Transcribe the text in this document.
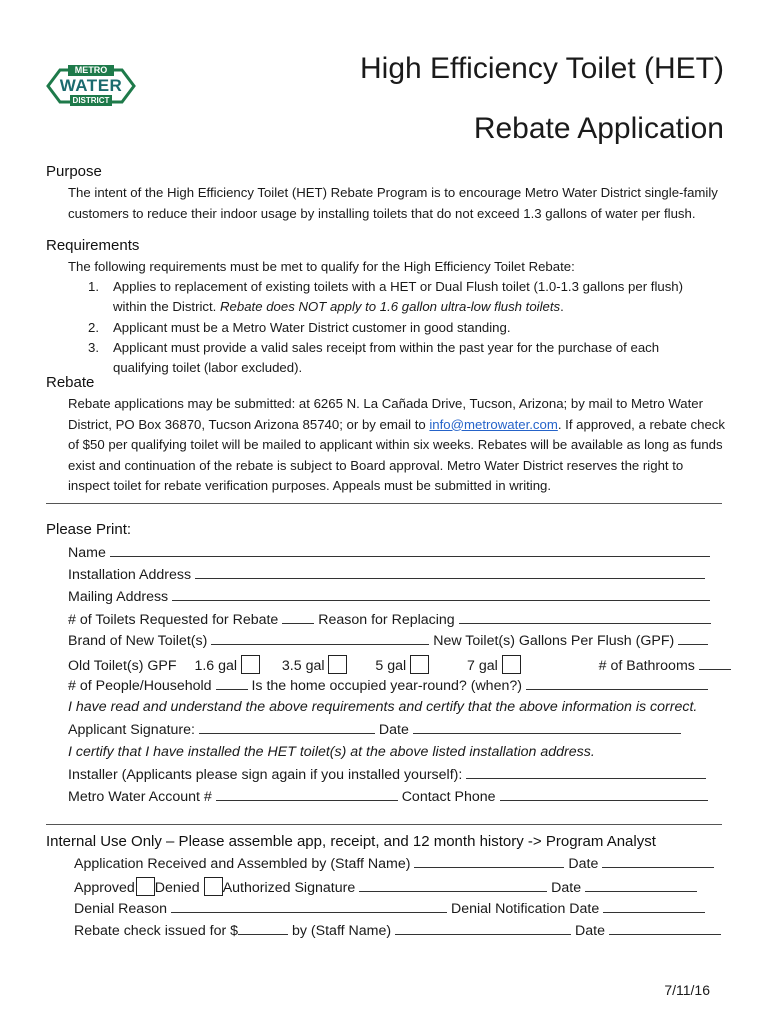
METRO
WATER
DISTRICT
High Efficiency Toilet (HET)
Rebate Application
Purpose
The intent of the High Efficiency Toilet (HET) Rebate Program is to encourage Metro Water District single-family customers to reduce their indoor usage by installing toilets that do not exceed 1.3 gallons of water per flush.
Requirements
The following requirements must be met to qualify for the High Efficiency Toilet Rebate:
1. Applies to replacement of existing toilets with a HET or Dual Flush toilet (1.0-1.3 gallons per flush) within the District. Rebate does NOT apply to 1.6 gallon ultra-low flush toilets.
2. Applicant must be a Metro Water District customer in good standing.
3. Applicant must provide a valid sales receipt from within the past year for the purchase of each qualifying toilet (labor excluded).
Rebate
Rebate applications may be submitted: at 6265 N. La Cañada Drive, Tucson, Arizona; by mail to Metro Water District, PO Box 36870, Tucson Arizona 85740; or by email to info@metrowater.com. If approved, a rebate check of $50 per qualifying toilet will be mailed to applicant within six weeks. Rebates will be available as long as funds exist and continuation of the rebate is subject to Board approval. Metro Water District reserves the right to inspect toilet for rebate verification purposes. Appeals must be submitted in writing.
Please Print:
Name
Installation Address
Mailing Address
# of Toilets Requested for Rebate	Reason for Replacing
Brand of New Toilet(s)	New Toilet(s) Gallons Per Flush (GPF)
Old Toilet(s) GPF 1.6 gal	3.5 gal	5 gal	7 gal	# of Bathrooms
# of People/Household	Is the home occupied year-round? (when?)
I have read and understand the above requirements and certify that the above information is correct.
Applicant Signature:	Date
I certify that I have installed the HET toilet(s) at the above listed installation address.
Installer (Applicants please sign again if you installed yourself):
Metro Water Account #	Contact Phone
Internal Use Only – Please assemble app, receipt, and 12 month history -> Program Analyst
Application Received and Assembled by (Staff Name)	Date
Approved Denied Authorized Signature	Date
Denial Reason	Denial Notification Date
Rebate check issued for $	by (Staff Name)	Date
7/11/16
